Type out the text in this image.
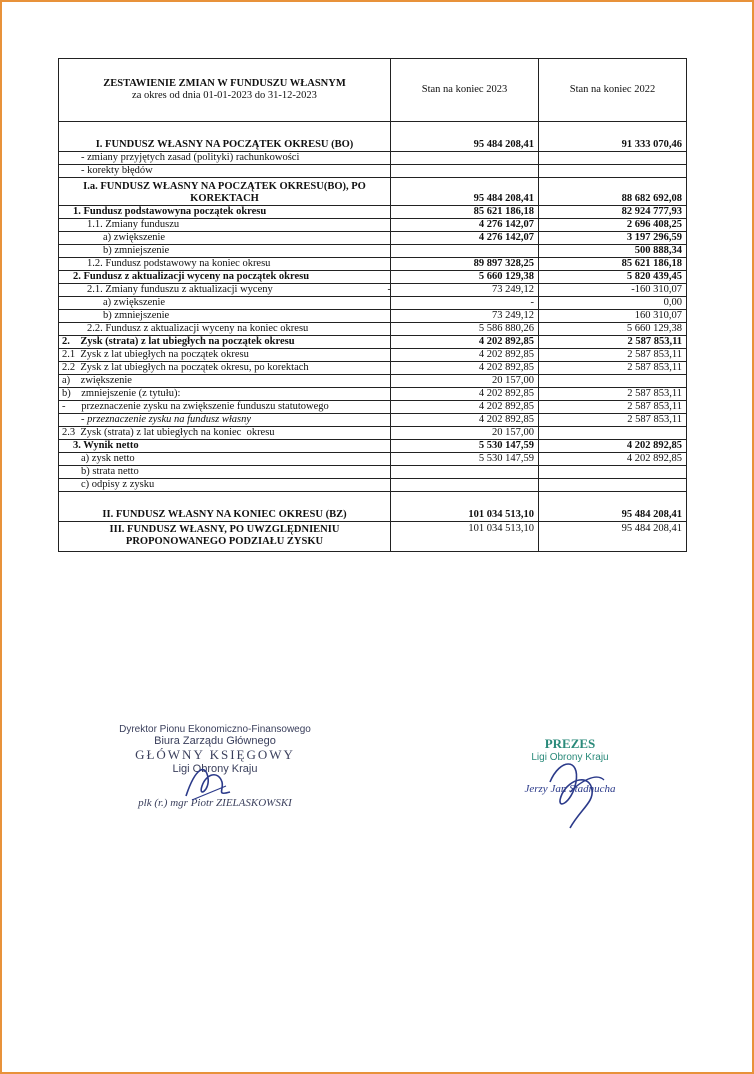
ZESTAWIENIE ZMIAN W FUNDUSZU WŁASNYM
za okres od dnia 01-01-2023 do 31-12-2023	Stan na koniec 2023	Stan na koniec 2022
I. FUNDUSZ WŁASNY NA POCZĄTEK OKRESU (BO)	95 484 208,41	91 333 070,46
- zmiany przyjętych zasad (polityki) rachunkowości		
- korekty błędów		

I.a. FUNDUSZ WŁASNY NA POCZĄTEK OKRESU(BO), PO
KOREKTACH	95 484 208,41	88 682 692,08
1. Fundusz podstawowyna początek okresu	85 621 186,18	82 924 777,93
1.1. Zmiany funduszu	4 276 142,07	2 696 408,25
a) zwiększenie	4 276 142,07	3 197 296,59
b) zmniejszenie		500 888,34
1.2. Fundusz podstawowy na koniec okresu	89 897 328,25	85 621 186,18
2. Fundusz z aktualizacji wyceny na początek okresu	5 660 129,38	5 820 439,45
2.1. Zmiany funduszu z aktualizacji wyceny -	73 249,12	-160 310,07
a) zwiększenie	-	0,00
b) zmniejszenie	73 249,12	160 310,07
2.2. Fundusz z aktualizacji wyceny na koniec okresu	5 586 880,26	5 660 129,38
2.    Zysk (strata) z lat ubiegłych na początek okresu	4 202 892,85	2 587 853,11
2.1  Zysk z lat ubiegłych na początek okresu	4 202 892,85	2 587 853,11
2.2  Zysk z lat ubiegłych na początek okresu, po korektach	4 202 892,85	2 587 853,11
a)    zwiększenie	20 157,00	
b)    zmniejszenie (z tytułu):	4 202 892,85	2 587 853,11
-      przeznaczenie zysku na zwiększenie funduszu statutowego	4 202 892,85	2 587 853,11
- przeznaczenie zysku na fundusz własny	4 202 892,85	2 587 853,11
2.3  Zysk (strata) z lat ubiegłych na koniec  okresu	20 157,00	
3. Wynik netto	5 530 147,59	4 202 892,85
a) zysk netto	5 530 147,59	4 202 892,85
b) strata netto		
c) odpisy z zysku		
II. FUNDUSZ WŁASNY NA KONIEC OKRESU (BZ)	101 034 513,10	95 484 208,41

III. FUNDUSZ WŁASNY, PO UWZGLĘDNIENIU
PROPONOWANEGO PODZIAŁU ZYSKU	101 034 513,10	95 484 208,41
Dyrektor Pionu Ekonomiczno-Finansowego
Biura Zarządu Głównego
GŁÓWNY KSIĘGOWY
Ligi Obrony Kraju
plk (r.) mgr Piotr ZIELASKOWSKI
PREZES
Ligi Obrony Kraju
Jerzy Jan Stadnucha
